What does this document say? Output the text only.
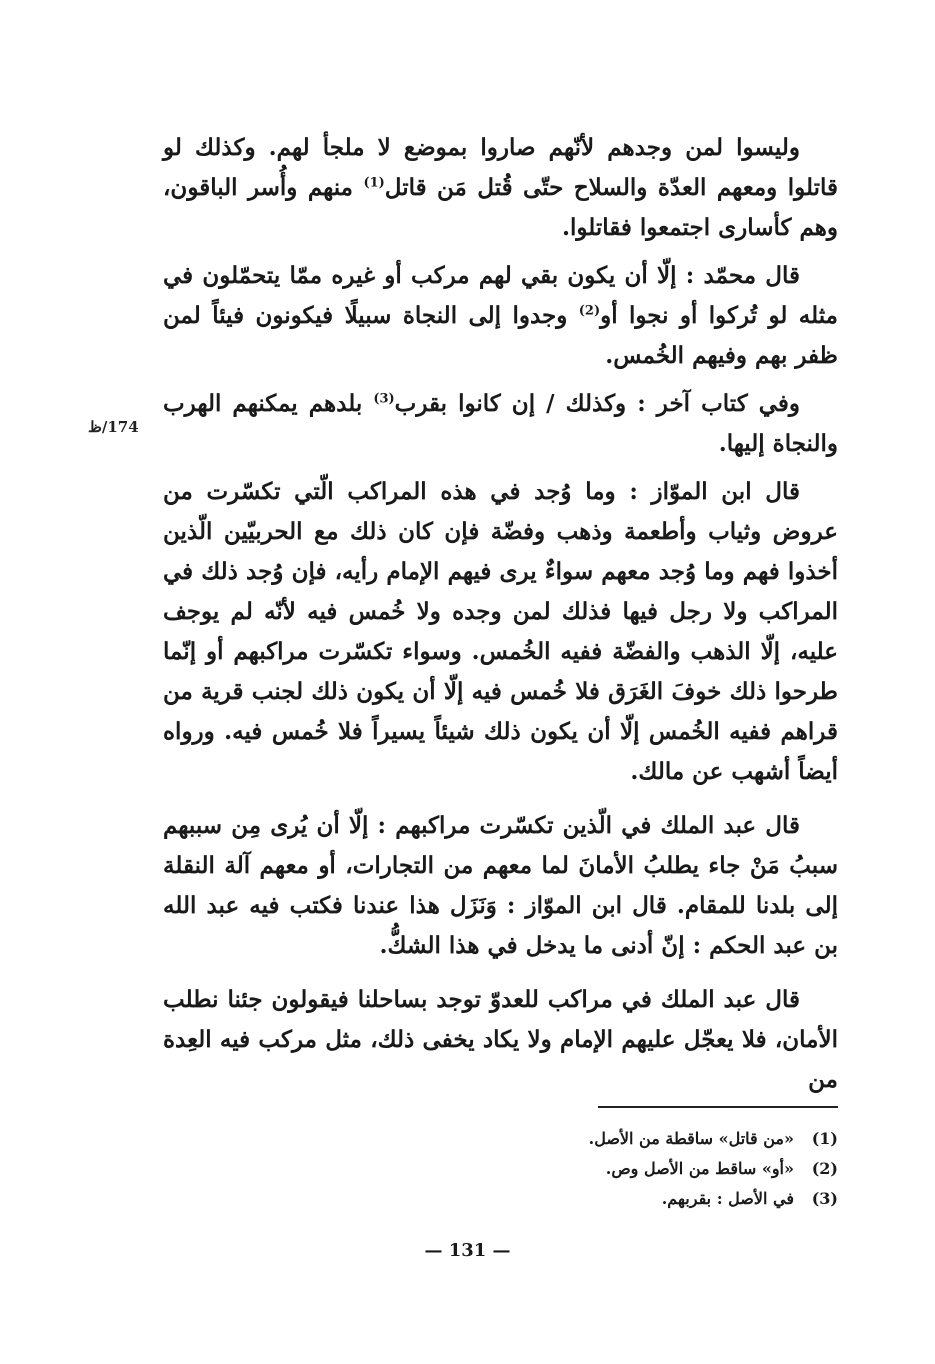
وليسوا لمن وجدهم لأنّهم صاروا بموضع لا ملجأ لهم. وكذلك لو قاتلوا ومعهم العدّة والسلاح حتّى قُتل مَن قاتل$^{(1)}$ منهم وأُسر الباقون، وهم كأسارى اجتمعوا فقاتلوا.

قال محمّد : إلّا أن يكون بقي لهم مركب أو غيره ممّا يتحمّلون في مثله لو تُركوا أو نجوا أو$^{(2)}$ وجدوا إلى النجاة سبيلًا فيكونون فيئاً لمن ظفر بهم وفيهم الخُمس.

وفي كتاب آخر : وكذلك / إن كانوا بقرب$^{(3)}$ بلدهم يمكنهم الهرب والنجاة إليها.

قال ابن الموّاز : وما وُجد في هذه المراكب الّتي تكسّرت من عروض وثياب وأطعمة وذهب وفضّة فإن كان ذلك مع الحربيّين الّذين أخذوا فهم وما وُجد معهم سواءٌ يرى فيهم الإمام رأيه، فإن وُجد ذلك في المراكب ولا رجل فيها فذلك لمن وجده ولا خُمس فيه لأنّه لم يوجف عليه، إلّا الذهب والفضّة ففيه الخُمس. وسواء تكسّرت مراكبهم أو إنّما طرحوا ذلك خوفَ الغَرَق فلا خُمس فيه إلّا أن يكون ذلك لجنب قرية من قراهم ففيه الخُمس إلّا أن يكون ذلك شيئاً يسيراً فلا خُمس فيه. ورواه أيضاً أشهب عن مالك.

قال عبد الملك في الّذين تكسّرت مراكبهم : إلّا أن يُرى مِن سببهم سببُ مَنْ جاء يطلبُ الأمانَ لما معهم من التجارات، أو معهم آلة النقلة إلى بلدنا للمقام. قال ابن الموّاز : وَنَزَل هذا عندنا فكتب فيه عبد الله بن عبد الحكم : إنّ أدنى ما يدخل في هذا الشكُّ.

قال عبد الملك في مراكب للعدوّ توجد بساحلنا فيقولون جئنا نطلب الأمان، فلا يعجّل عليهم الإمام ولا يكاد يخفى ذلك، مثل مركب فيه العِدة من

174/ظ
(1)
«من قاتل» ساقطة من الأصل.
(2)
«أو» ساقط من الأصل وص.
(3)
في الأصل : بقربهم.
— 131 —
